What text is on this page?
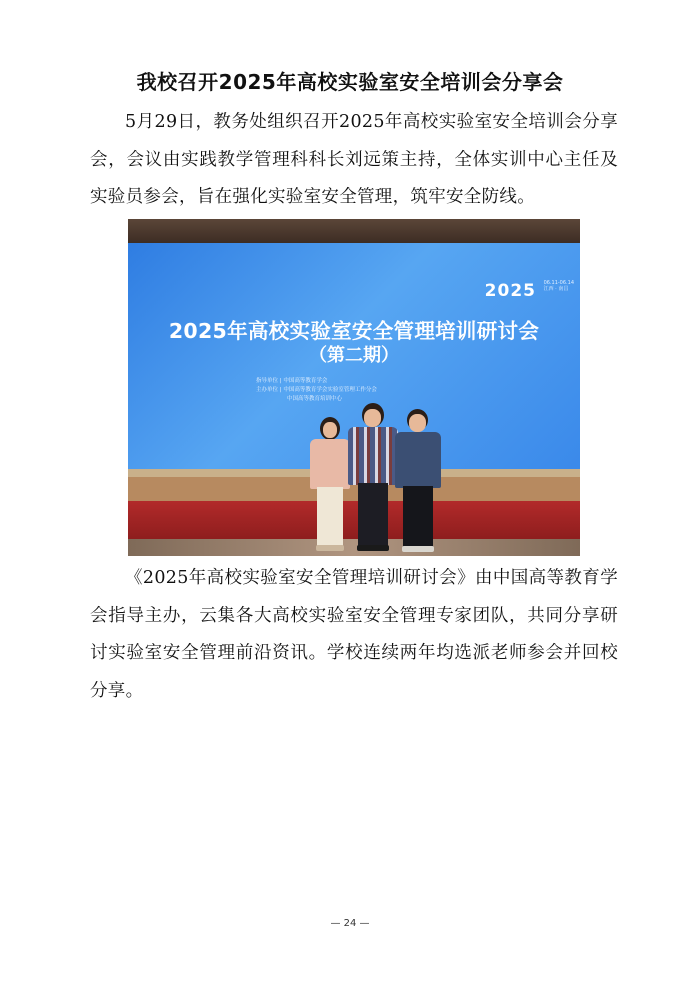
我校召开2025年高校实验室安全培训会分享会

5月29日，教务处组织召开2025年高校实验室安全培训会分享会，会议由实践教学管理科科长刘远策主持，全体实训中心主任及实验员参会，旨在强化实验室安全管理，筑牢安全防线。

2025 06.11-06.14
江西 · 南昌
2025年高校实验室安全管理培训研讨会
（第二期）
指导单位 | 中国高等教育学会
主办单位 | 中国高等教育学会实验室管理工作分会
中国高等教育培训中心

《2025年高校实验室安全管理培训研讨会》由中国高等教育学会指导主办，云集各大高校实验室安全管理专家团队，共同分享研讨实验室安全管理前沿资讯。学校连续两年均选派老师参会并回校分享。

— 24 —
